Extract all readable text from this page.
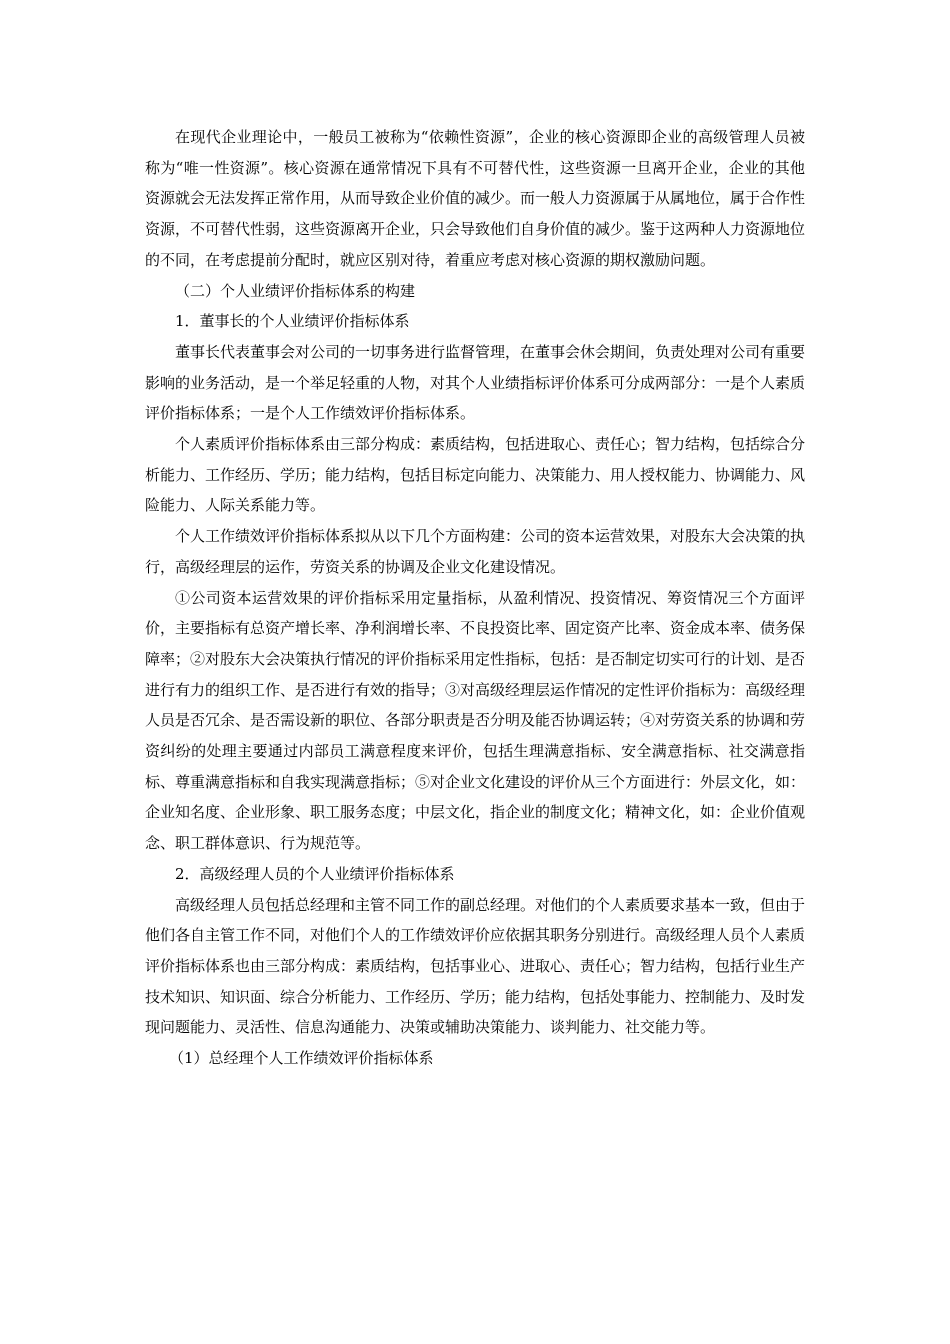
在现代企业理论中，一般员工被称为“依赖性资源”，企业的核心资源即企业的高级管理人员被称为“唯一性资源”。核心资源在通常情况下具有不可替代性，这些资源一旦离开企业，企业的其他资源就会无法发挥正常作用，从而导致企业价值的减少。而一般人力资源属于从属地位，属于合作性资源，不可替代性弱，这些资源离开企业，只会导致他们自身价值的减少。鉴于这两种人力资源地位的不同，在考虑提前分配时，就应区别对待，着重应考虑对核心资源的期权激励问题。

（二）个人业绩评价指标体系的构建

1．董事长的个人业绩评价指标体系

董事长代表董事会对公司的一切事务进行监督管理，在董事会休会期间，负责处理对公司有重要影响的业务活动，是一个举足轻重的人物，对其个人业绩指标评价体系可分成两部分：一是个人素质评价指标体系；一是个人工作绩效评价指标体系。

个人素质评价指标体系由三部分构成：素质结构，包括进取心、责任心；智力结构，包括综合分析能力、工作经历、学历；能力结构，包括目标定向能力、决策能力、用人授权能力、协调能力、风险能力、人际关系能力等。

个人工作绩效评价指标体系拟从以下几个方面构建：公司的资本运营效果，对股东大会决策的执行，高级经理层的运作，劳资关系的协调及企业文化建设情况。

①公司资本运营效果的评价指标采用定量指标，从盈利情况、投资情况、筹资情况三个方面评价，主要指标有总资产增长率、净利润增长率、不良投资比率、固定资产比率、资金成本率、债务保障率；②对股东大会决策执行情况的评价指标采用定性指标，包括：是否制定切实可行的计划、是否进行有力的组织工作、是否进行有效的指导；③对高级经理层运作情况的定性评价指标为：高级经理人员是否冗余、是否需设新的职位、各部分职责是否分明及能否协调运转；④对劳资关系的协调和劳资纠纷的处理主要通过内部员工满意程度来评价，包括生理满意指标、安全满意指标、社交满意指标、尊重满意指标和自我实现满意指标；⑤对企业文化建设的评价从三个方面进行：外层文化，如：企业知名度、企业形象、职工服务态度；中层文化，指企业的制度文化；精神文化，如：企业价值观念、职工群体意识、行为规范等。

2．高级经理人员的个人业绩评价指标体系

高级经理人员包括总经理和主管不同工作的副总经理。对他们的个人素质要求基本一致，但由于他们各自主管工作不同，对他们个人的工作绩效评价应依据其职务分别进行。高级经理人员个人素质评价指标体系也由三部分构成：素质结构，包括事业心、进取心、责任心；智力结构，包括行业生产技术知识、知识面、综合分析能力、工作经历、学历；能力结构，包括处事能力、控制能力、及时发现问题能力、灵活性、信息沟通能力、决策或辅助决策能力、谈判能力、社交能力等。

（1）总经理个人工作绩效评价指标体系
